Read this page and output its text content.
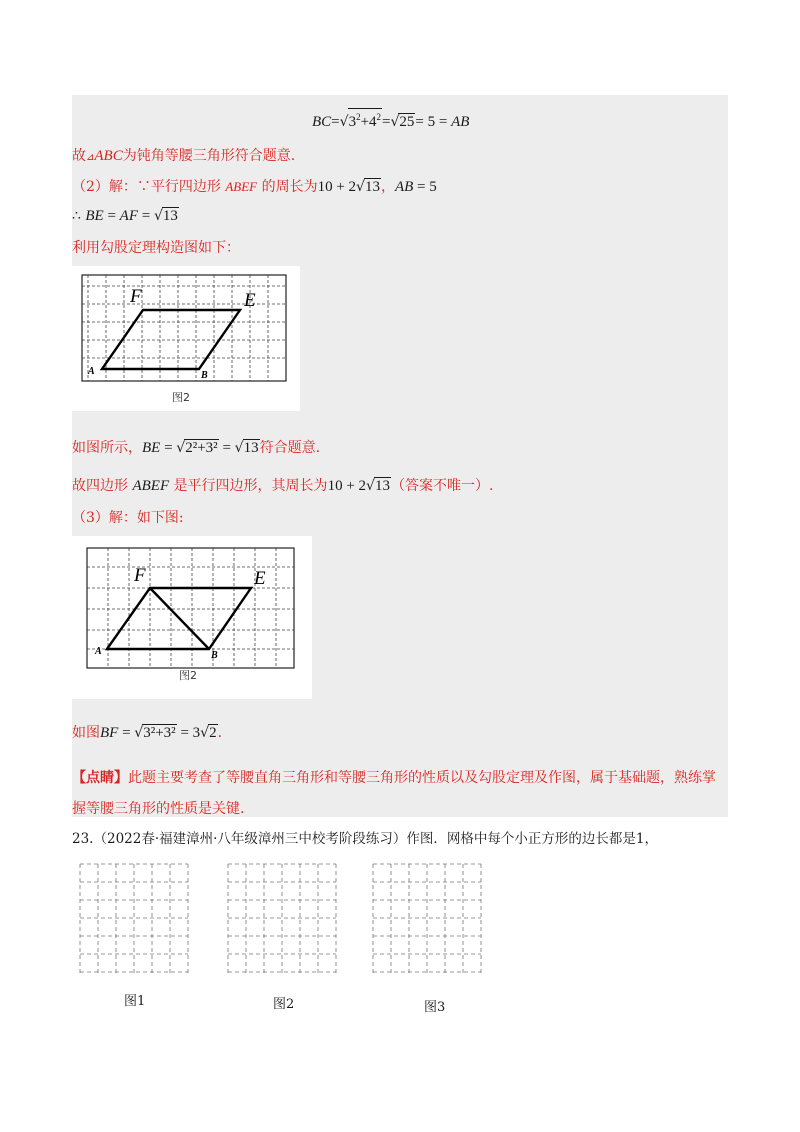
$BC=√3^2+4^2=√25= 5$ = AB
故⊿ABC为钝角等腰三角形符合题意.
（2）解：∵平行四边形 ABEF 的周长为10 + 2√13，AB = 5
∴ BE = AF = √13
利用勾股定理构造图如下：
F	E
A	B
图2
如图所示，BE = √2²+3² = √13符合题意.
故四边形 ABEF 是平行四边形，其周长为10 + 2√13（答案不唯一）.
（3）解：如下图:
F	E
A	B
图2
如图BF = √3²+3² = 3√2.
【点睛】此题主要考查了等腰直角三角形和等腰三角形的性质以及勾股定理及作图，属于基础题，熟练掌
握等腰三角形的性质是关键.
23.（2022春·福建漳州·八年级漳州三中校考阶段练习）作图．网格中每个小正方形的边长都是1，
图1	图2	图3
